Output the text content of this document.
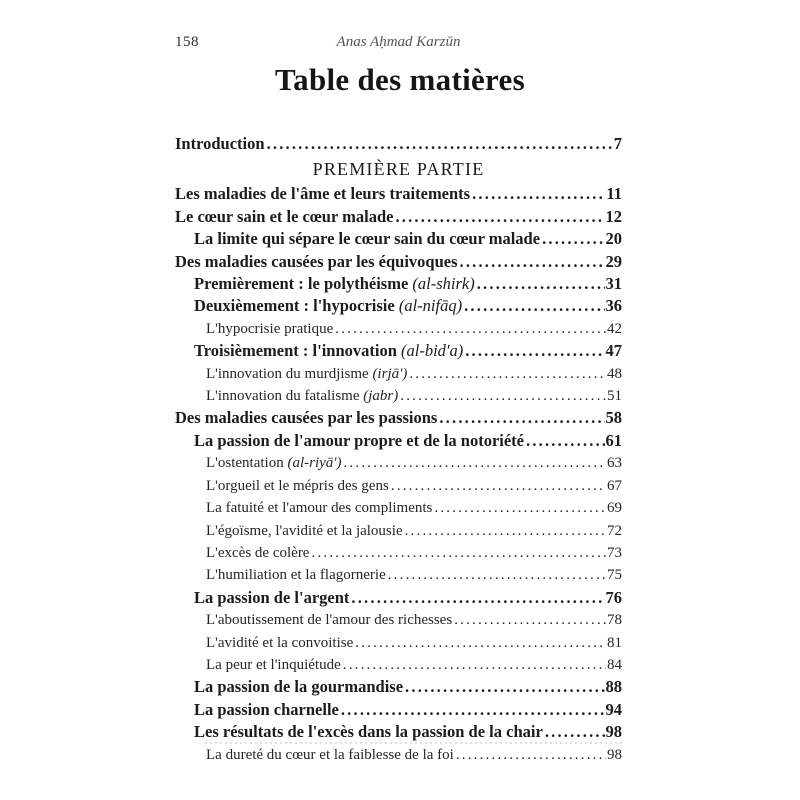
158	Anas Aḥmad Karzūn
Table des matières
Introduction .....	7
PREMIÈRE PARTIE
Les maladies de l'âme et leurs traitements .....	11
Le cœur sain et le cœur malade .....	12
La limite qui sépare le cœur sain du cœur malade .....	20
Des maladies causées par les équivoques .....	29
Premièrement : le polythéisme (al-shirk) .....	31
Deuxièmement : l'hypocrisie (al-nifāq) .....	36
L'hypocrisie pratique .....	42
Troisièmement : l'innovation (al-bid'a) .....	47
L'innovation du murdjisme (irjā') .....	48
L'innovation du fatalisme (jabr) .....	51
Des maladies causées par les passions .....	58
La passion de l'amour propre et de la notoriété .....	61
L'ostentation (al-riyā') .....	63
L'orgueil et le mépris des gens .....	67
La fatuité et l'amour des compliments .....	69
L'égoïsme, l'avidité et la jalousie .....	72
L'excès de colère .....	73
L'humiliation et la flagornerie .....	75
La passion de l'argent .....	76
L'aboutissement de l'amour des richesses .....	78
L'avidité et la convoitise .....	81
La peur et l'inquiétude .....	84
La passion de la gourmandise .....	88
La passion charnelle .....	94
Les résultats de l'excès dans la passion de la chair .....	98
La dureté du cœur et la faiblesse de la foi .....	98
